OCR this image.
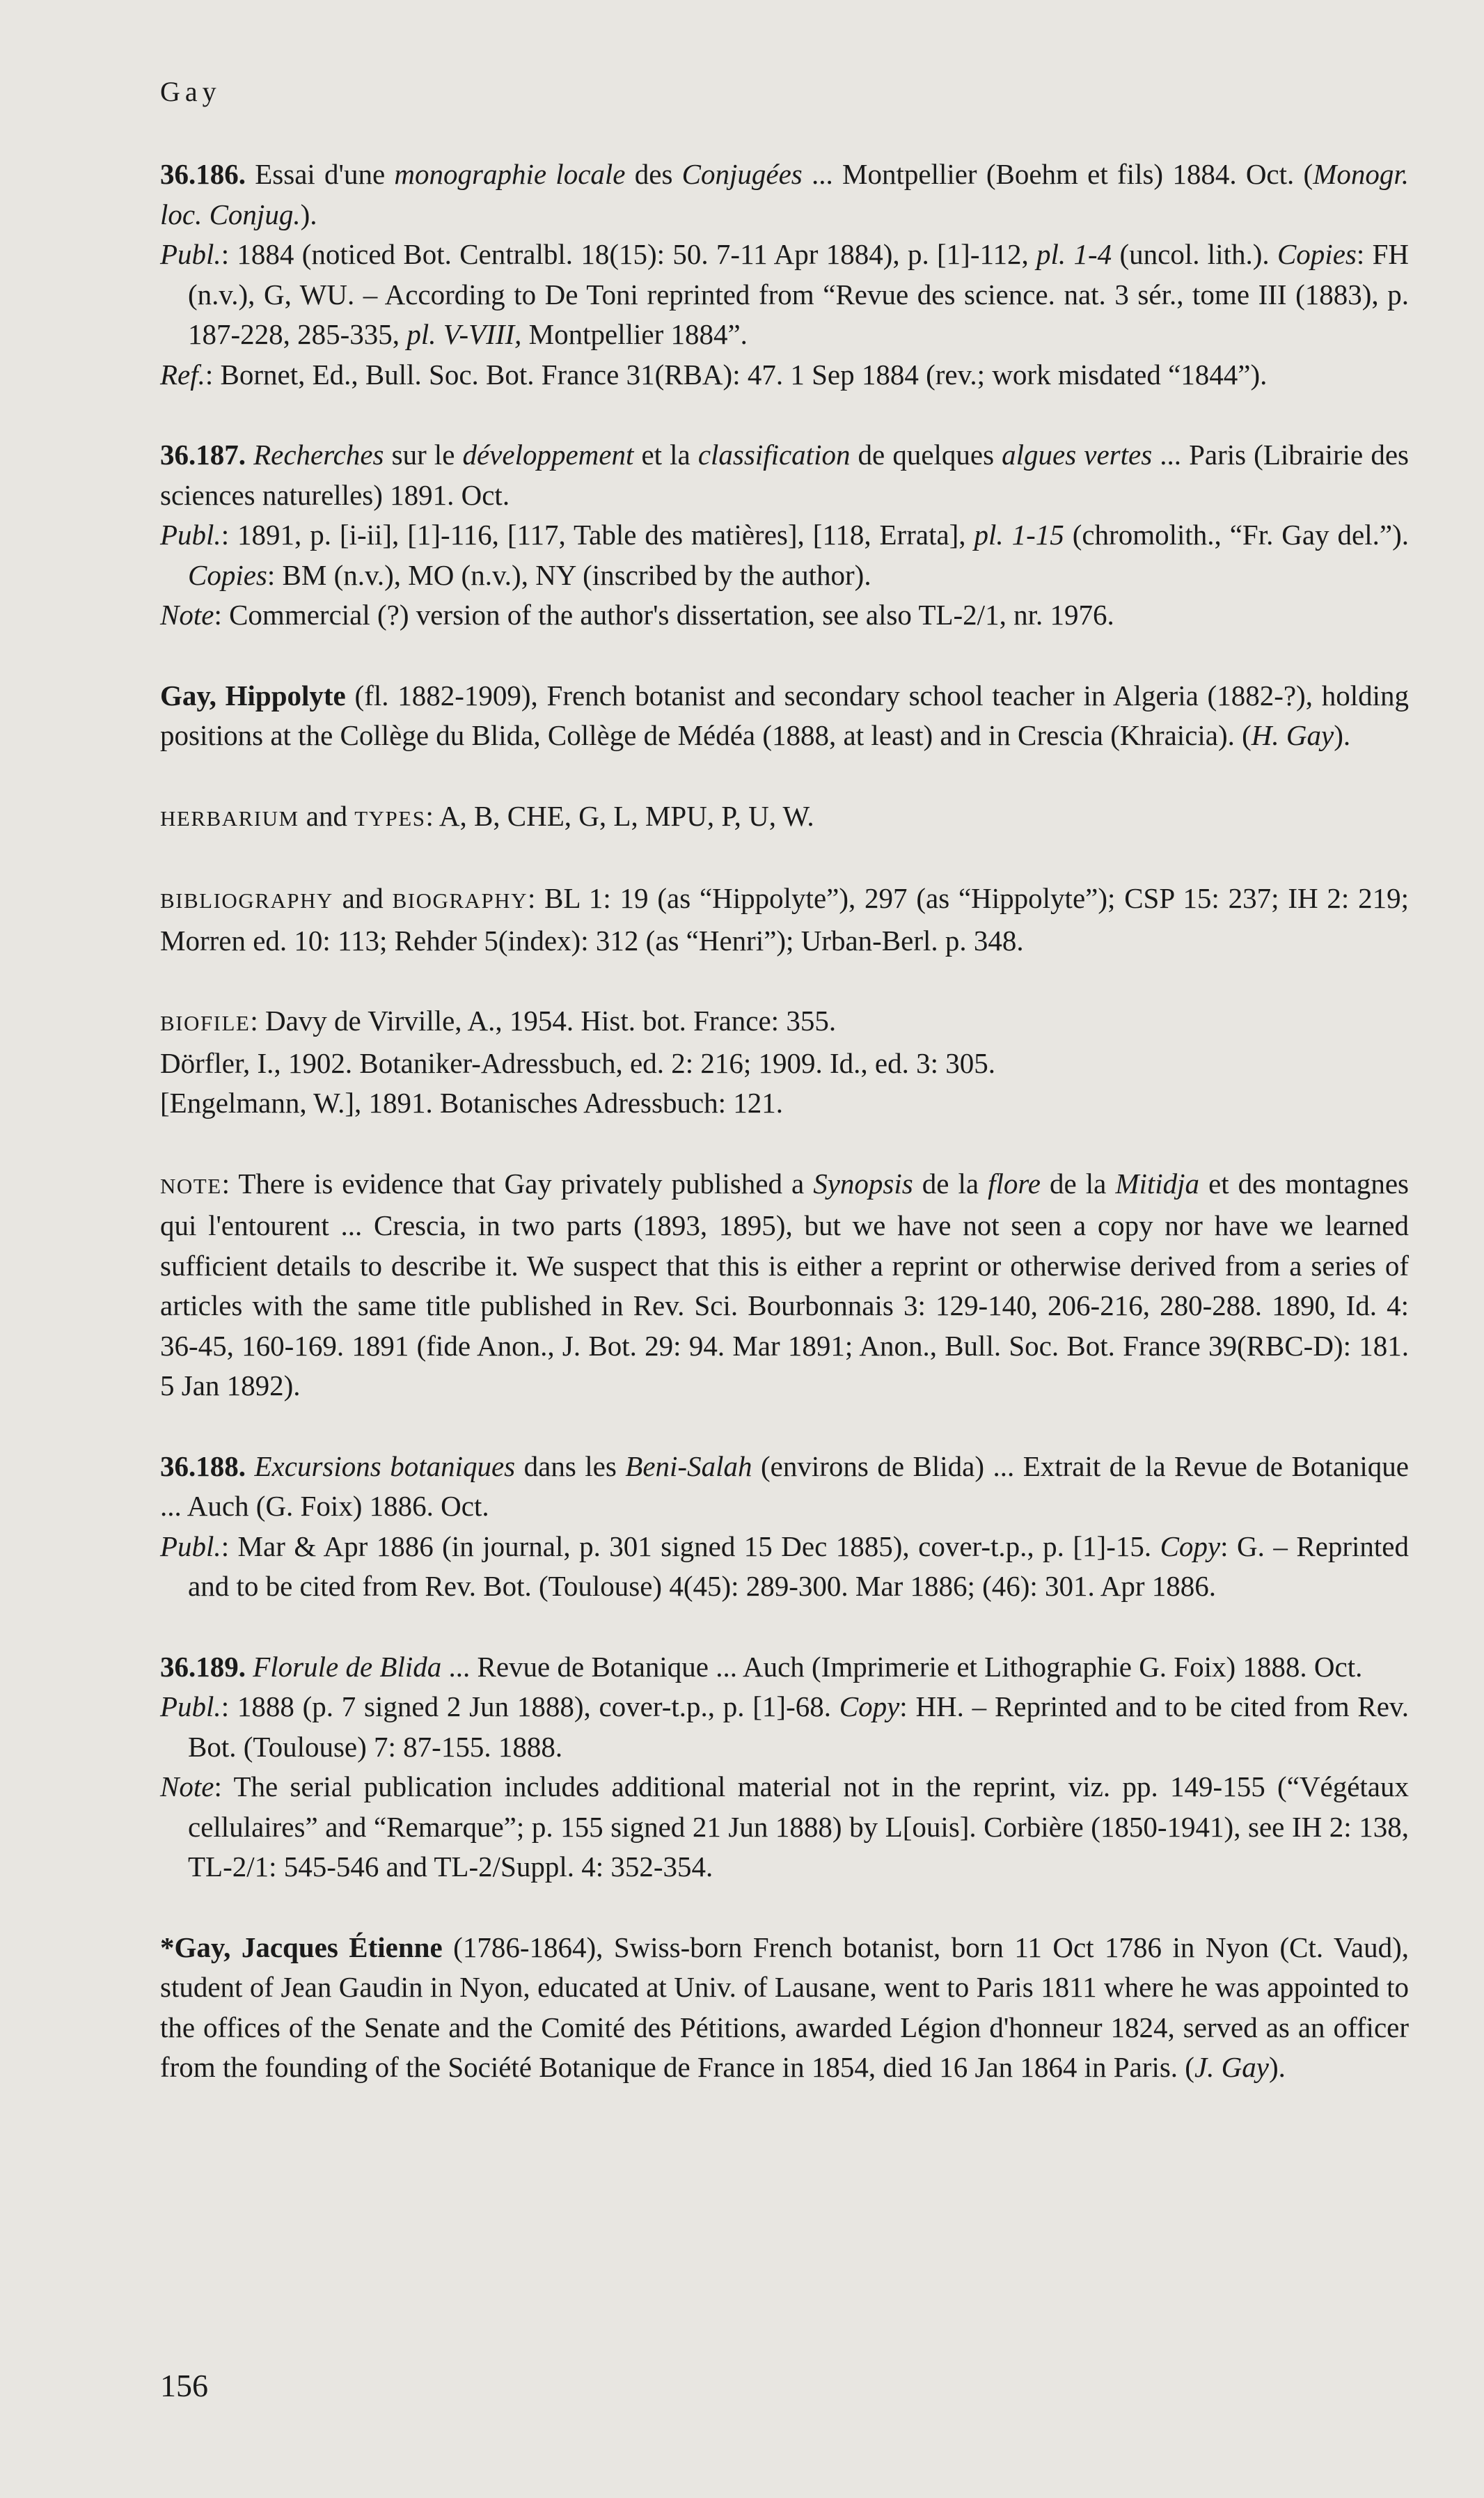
Gay

36.186. Essai d'une monographie locale des Conjugées ... Montpellier (Boehm et fils) 1884. Oct. (Monogr. loc. Conjug.).

Publ.: 1884 (noticed Bot. Centralbl. 18(15): 50. 7-11 Apr 1884), p. [1]-112, pl. 1-4 (uncol. lith.). Copies: FH (n.v.), G, WU. – According to De Toni reprinted from “Revue des science. nat. 3 sér., tome III (1883), p. 187-228, 285-335, pl. V-VIII, Montpellier 1884”.

Ref.: Bornet, Ed., Bull. Soc. Bot. France 31(RBA): 47. 1 Sep 1884 (rev.; work misdated “1844”).

36.187. Recherches sur le développement et la classification de quelques algues vertes ... Paris (Librairie des sciences naturelles) 1891. Oct.

Publ.: 1891, p. [i-ii], [1]-116, [117, Table des matières], [118, Errata], pl. 1-15 (chromolith., “Fr. Gay del.”). Copies: BM (n.v.), MO (n.v.), NY (inscribed by the author).

Note: Commercial (?) version of the author's dissertation, see also TL-2/1, nr. 1976.

Gay, Hippolyte (fl. 1882-1909), French botanist and secondary school teacher in Algeria (1882-?), holding positions at the Collège du Blida, Collège de Médéa (1888, at least) and in Crescia (Khraicia). (H. Gay).

HERBARIUM and TYPES: A, B, CHE, G, L, MPU, P, U, W.

BIBLIOGRAPHY and BIOGRAPHY: BL 1: 19 (as “Hippolyte”), 297 (as “Hippolyte”); CSP 15: 237; IH 2: 219; Morren ed. 10: 113; Rehder 5(index): 312 (as “Henri”); Urban-Berl. p. 348.

BIOFILE: Davy de Virville, A., 1954. Hist. bot. France: 355.
Dörfler, I., 1902. Botaniker-Adressbuch, ed. 2: 216; 1909. Id., ed. 3: 305.
[Engelmann, W.], 1891. Botanisches Adressbuch: 121.

NOTE: There is evidence that Gay privately published a Synopsis de la flore de la Mitidja et des montagnes qui l'entourent ... Crescia, in two parts (1893, 1895), but we have not seen a copy nor have we learned sufficient details to describe it. We suspect that this is either a reprint or otherwise derived from a series of articles with the same title published in Rev. Sci. Bourbonnais 3: 129-140, 206-216, 280-288. 1890, Id. 4: 36-45, 160-169. 1891 (fide Anon., J. Bot. 29: 94. Mar 1891; Anon., Bull. Soc. Bot. France 39(RBC-D): 181. 5 Jan 1892).

36.188. Excursions botaniques dans les Beni-Salah (environs de Blida) ... Extrait de la Revue de Botanique ... Auch (G. Foix) 1886. Oct.

Publ.: Mar & Apr 1886 (in journal, p. 301 signed 15 Dec 1885), cover-t.p., p. [1]-15. Copy: G. – Reprinted and to be cited from Rev. Bot. (Toulouse) 4(45): 289-300. Mar 1886; (46): 301. Apr 1886.

36.189. Florule de Blida ... Revue de Botanique ... Auch (Imprimerie et Lithographie G. Foix) 1888. Oct.

Publ.: 1888 (p. 7 signed 2 Jun 1888), cover-t.p., p. [1]-68. Copy: HH. – Reprinted and to be cited from Rev. Bot. (Toulouse) 7: 87-155. 1888.

Note: The serial publication includes additional material not in the reprint, viz. pp. 149-155 (“Végétaux cellulaires” and “Remarque”; p. 155 signed 21 Jun 1888) by L[ouis]. Corbière (1850-1941), see IH 2: 138, TL-2/1: 545-546 and TL-2/Suppl. 4: 352-354.

*Gay, Jacques Étienne (1786-1864), Swiss-born French botanist, born 11 Oct 1786 in Nyon (Ct. Vaud), student of Jean Gaudin in Nyon, educated at Univ. of Lausane, went to Paris 1811 where he was appointed to the offices of the Senate and the Comité des Pétitions, awarded Légion d'honneur 1824, served as an officer from the founding of the Société Botanique de France in 1854, died 16 Jan 1864 in Paris. (J. Gay).

156
